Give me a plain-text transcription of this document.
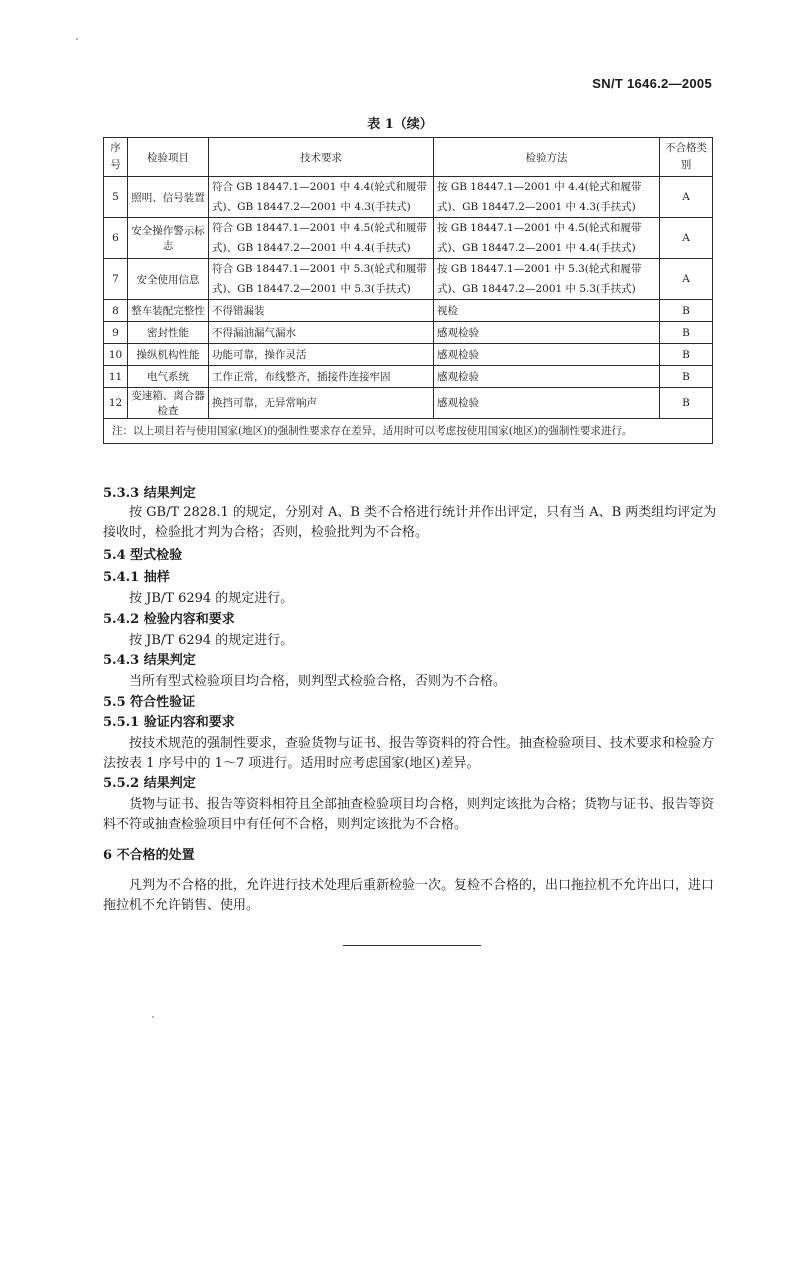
SN/T 1646.2—2005
表 1（续）
序号	检验项目	技术要求	检验方法	不合格类别
5	照明、信号装置	符合 GB 18447.1—2001 中 4.4(轮式和履带式)、GB 18447.2—2001 中 4.3(手扶式)	按 GB 18447.1—2001 中 4.4(轮式和履带式)、GB 18447.2—2001 中 4.3(手扶式)	A
6	安全操作警示标志	符合 GB 18447.1—2001 中 4.5(轮式和履带式)、GB 18447.2—2001 中 4.4(手扶式)	按 GB 18447.1—2001 中 4.5(轮式和履带式)、GB 18447.2—2001 中 4.4(手扶式)	A
7	安全使用信息	符合 GB 18447.1—2001 中 5.3(轮式和履带式)、GB 18447.2—2001 中 5.3(手扶式)	按 GB 18447.1—2001 中 5.3(轮式和履带式)、GB 18447.2—2001 中 5.3(手扶式)	A
8	整车装配完整性	不得错漏装	视检	B
9	密封性能	不得漏油漏气漏水	感观检验	B
10	操纵机构性能	功能可靠，操作灵活	感观检验	B
11	电气系统	工作正常，布线整齐，插接件连接牢固	感观检验	B
12	变速箱、离合器检查	换挡可靠，无异常响声	感观检验	B
注：以上项目若与使用国家(地区)的强制性要求存在差异，适用时可以考虑按使用国家(地区)的强制性要求进行。				
5.3.3 结果判定
按 GB/T 2828.1 的规定，分别对 A、B 类不合格进行统计并作出评定，只有当 A、B 两类组均评定为接收时，检验批才判为合格；否则，检验批判为不合格。
5.4 型式检验
5.4.1 抽样
按 JB/T 6294 的规定进行。
5.4.2 检验内容和要求
按 JB/T 6294 的规定进行。
5.4.3 结果判定
当所有型式检验项目均合格，则判型式检验合格，否则为不合格。
5.5 符合性验证
5.5.1 验证内容和要求
按技术规范的强制性要求，查验货物与证书、报告等资料的符合性。抽查检验项目、技术要求和检验方法按表 1 序号中的 1～7 项进行。适用时应考虑国家(地区)差异。
5.5.2 结果判定
货物与证书、报告等资料相符且全部抽查检验项目均合格，则判定该批为合格；货物与证书、报告等资料不符或抽查检验项目中有任何不合格，则判定该批为不合格。
6 不合格的处置
凡判为不合格的批，允许进行技术处理后重新检验一次。复检不合格的，出口拖拉机不允许出口，进口拖拉机不允许销售、使用。
